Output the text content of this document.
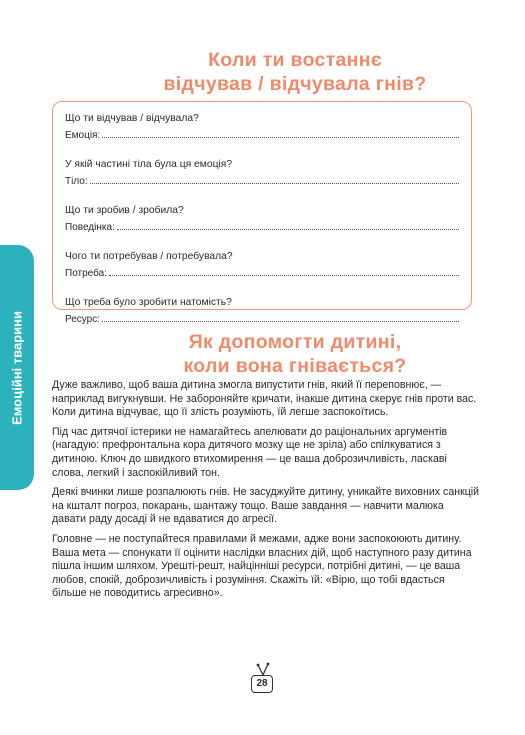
Емоційні тварини
Коли ти востаннє
відчував / відчувала гнів?
Що ти відчував / відчувала?
Емоція:
У якій частині тіла була ця емоція?
Тіло:
Що ти зробив / зробила?
Поведінка:
Чого ти потребував / потребувала?
Потреба:
Що треба було зробити натомість?
Ресурс:
Як допомогти дитині,
коли вона гнівається?

Дуже важливо, щоб ваша дитина змогла випустити гнів, який її переповнює, — наприклад вигукнувши. Не забороняйте кричати, інакше дитина скерує гнів проти вас. Коли дитина відчуває, що її злість розуміють, їй легше заспокоїтись.

Під час дитячої істерики не намагайтесь апелювати до раціональних аргументів (нагадую: префронтальна кора дитячого мозку ще не зріла) або спілкуватися з дитиною. Ключ до швидкого втихомирення — це ваша доброзичливість, ласкаві слова, легкий і заспокійливий тон.

Деякі вчинки лише розпалюють гнів. Не засуджуйте дитину, уникайте виховних санкцій на кшталт погроз, покарань, шантажу тощо. Ваше завдання — навчити малюка давати раду досаді й не вдаватися до агресії.

Головне — не поступайтеся правилами й межами, адже вони заспокоюють дитину. Ваша мета — спонукати її оцінити наслідки власних дій, щоб наступного разу дитина пішла іншим шляхом. Урешті-решт, найцінніші ресурси, потрібні дитині, — це ваша любов, спокій, доброзичливість і розуміння. Скажіть їй: «Вірю, що тобі вдасться більше не поводитись агресивно».

28
